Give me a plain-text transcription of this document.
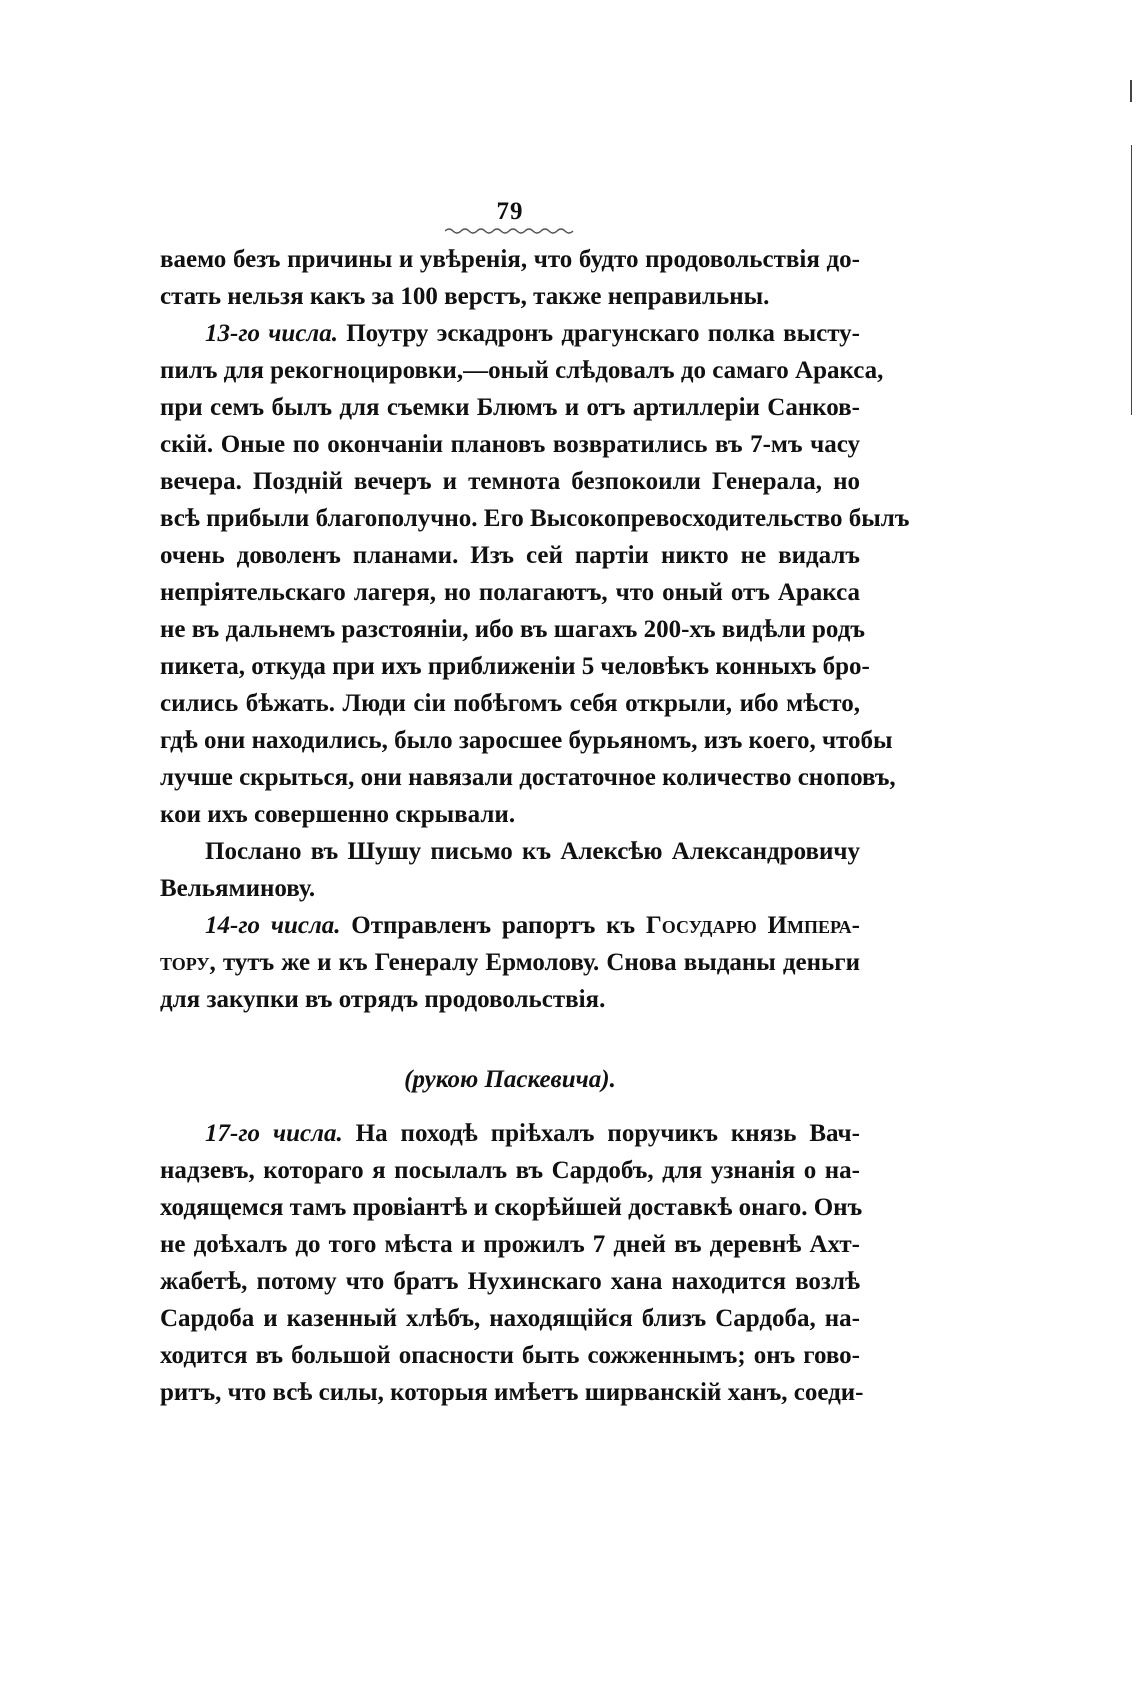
79
ваемо безъ причины и увѣренія, что будто продовольствія до-
стать нельзя какъ за 100 верстъ, также неправильны.
13-го числа. Поутру эскадронъ драгунскаго полка высту-
пилъ для рекогноцировки,—оный слѣдовалъ до самаго Аракса,
при семъ былъ для съемки Блюмъ и отъ артиллеріи Санков-
скій. Оные по окончаніи плановъ возвратились въ 7-мъ часу
вечера. Поздній вечеръ и темнота безпокоили Генерала, но
всѣ прибыли благополучно. Его Высокопревосходительство былъ
очень доволенъ планами. Изъ сей партіи никто не видалъ
непріятельскаго лагеря, но полагаютъ, что оный отъ Аракса
не въ дальнемъ разстояніи, ибо въ шагахъ 200-хъ видѣли родъ
пикета, откуда при ихъ приближеніи 5 человѣкъ конныхъ бро-
сились бѣжать. Люди сіи побѣгомъ себя открыли, ибо мѣсто,
гдѣ они находились, было заросшее бурьяномъ, изъ коего, чтобы
лучше скрыться, они навязали достаточное количество сноповъ,
кои ихъ совершенно скрывали.
Послано въ Шушу письмо къ Алексѣю Александровичу
Вельяминову.
14-го числа. Отправленъ рапортъ къ Государю Импера-
тору, тутъ же и къ Генералу Ермолову. Снова выданы деньги
для закупки въ отрядъ продовольствія.
(рукою Паскевича).
17-го числа. На походѣ пріѣхалъ поручикъ князь Вач-
надзевъ, котораго я посылалъ въ Сардобъ, для узнанія о на-
ходящемся тамъ провіантѣ и скорѣйшей доставкѣ онаго. Онъ
не доѣхалъ до того мѣста и прожилъ 7 дней въ деревнѣ Ахт-
жабетѣ, потому что братъ Нухинскаго хана находится возлѣ
Сардоба и казенный хлѣбъ, находящійся близъ Сардоба, на-
ходится въ большой опасности быть сожженнымъ; онъ гово-
ритъ, что всѣ силы, которыя имѣетъ ширванскій ханъ, соеди-
